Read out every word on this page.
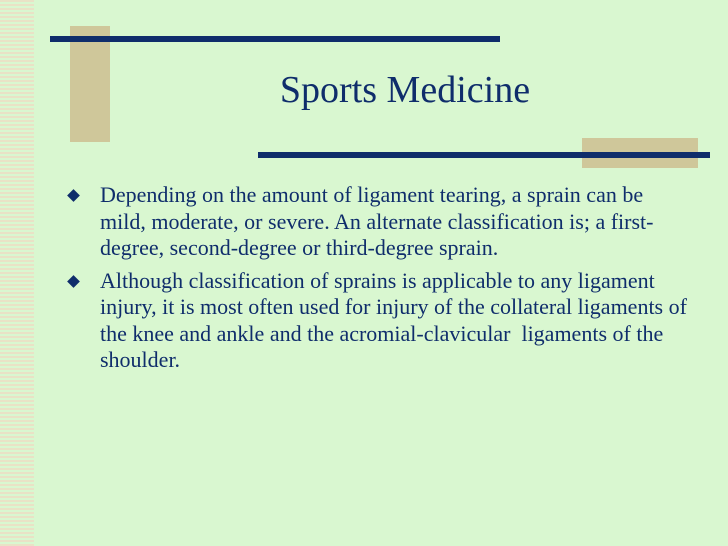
Sports Medicine
Depending on the amount of ligament tearing, a sprain can be mild, moderate, or severe. An alternate classification is; a first-degree, second-degree or third-degree sprain.
Although classification of sprains is applicable to any ligament injury, it is most often used for injury of the collateral ligaments of the knee and ankle and the acromial-clavicular  ligaments of the shoulder.
